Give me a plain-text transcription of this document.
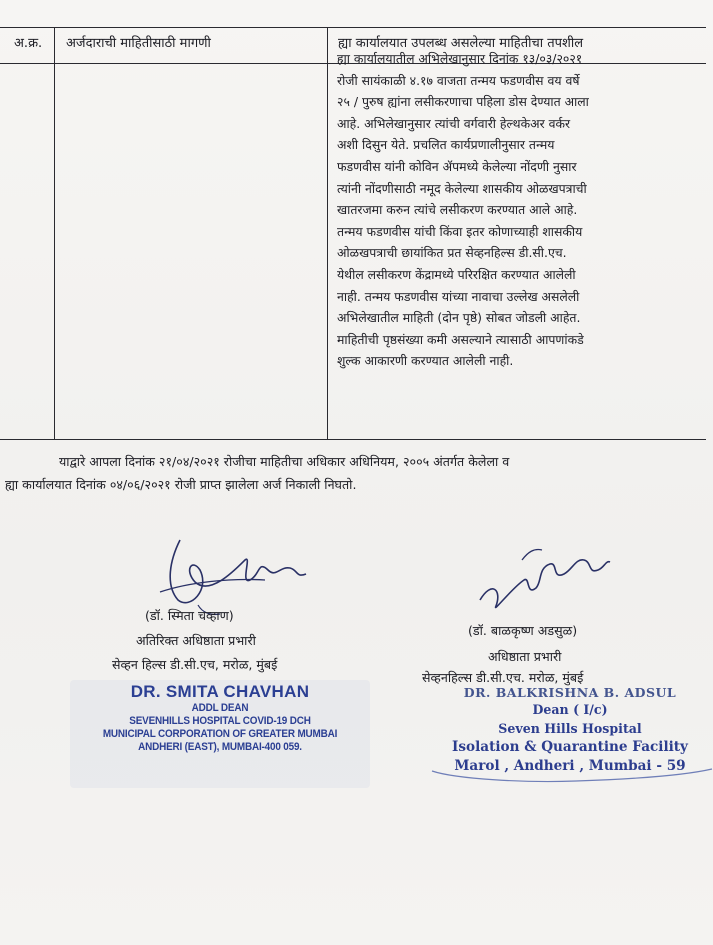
अ.क्र. अर्जदाराची माहितीसाठी मागणी	ह्या कार्यालयात उपलब्ध असलेल्या माहितीचा तपशील

ह्या कार्यालयातील अभिलेखानुसार दिनांक १३/०३/२०२१

रोजी सायंकाळी ४.१७ वाजता तन्मय फडणवीस वय वर्षे

२५ / पुरुष ह्यांना लसीकरणाचा पहिला डोस देण्यात आला

आहे. अभिलेखानुसार त्यांची वर्गवारी हेल्थकेअर वर्कर

अशी दिसुन येते. प्रचलित कार्यप्रणालीनुसार तन्मय

फडणवीस यांनी कोविन ॲपमध्ये केलेल्या नोंदणी नुसार

त्यांनी नोंदणीसाठी नमूद केलेल्या शासकीय ओळखपत्राची

खातरजमा करुन त्यांचे लसीकरण करण्यात आले आहे.

तन्मय फडणवीस यांची किंवा इतर कोणाच्याही शासकीय

ओळखपत्राची छायांकित प्रत सेव्हनहिल्स डी.सी.एच.

येथील लसीकरण केंद्रामध्ये परिरक्षित करण्यात आलेली

नाही. तन्मय फडणवीस यांच्या नावाचा उल्लेख असलेली

अभिलेखातील माहिती (दोन पृष्ठे) सोबत जोडली आहेत.

माहितीची पृष्ठसंख्या कमी असल्याने त्यासाठी आपणांकडे

शुल्क आकारणी करण्यात आलेली नाही.

याद्वारे आपला दिनांक २१/०४/२०२१ रोजीचा माहितीचा अधिकार अधिनियम, २००५ अंतर्गत केलेला व

ह्या कार्यालयात दिनांक ०४/०६/२०२१ रोजी प्राप्त झालेला अर्ज निकाली निघतो.

(डॉ. स्मिता चव्हाण)
अतिरिक्त अधिष्ठाता प्रभारी
सेव्हन हिल्स डी.सी.एच, मरोळ, मुंबई
DR. SMITA CHAVHAN
ADDL DEAN
SEVENHILLS HOSPITAL COVID-19 DCH
MUNICIPAL CORPORATION OF GREATER MUMBAI
ANDHERI (EAST), MUMBAI-400 059.
(डॉ. बाळकृष्ण अडसुळ)
अधिष्ठाता प्रभारी
सेव्हनहिल्स डी.सी.एच. मरोळ, मुंबई
DR. BALKRISHNA B. ADSUL
Dean ( I/c)
Seven Hills Hospital
Isolation & Quarantine Facility
Marol , Andheri , Mumbai - 59
